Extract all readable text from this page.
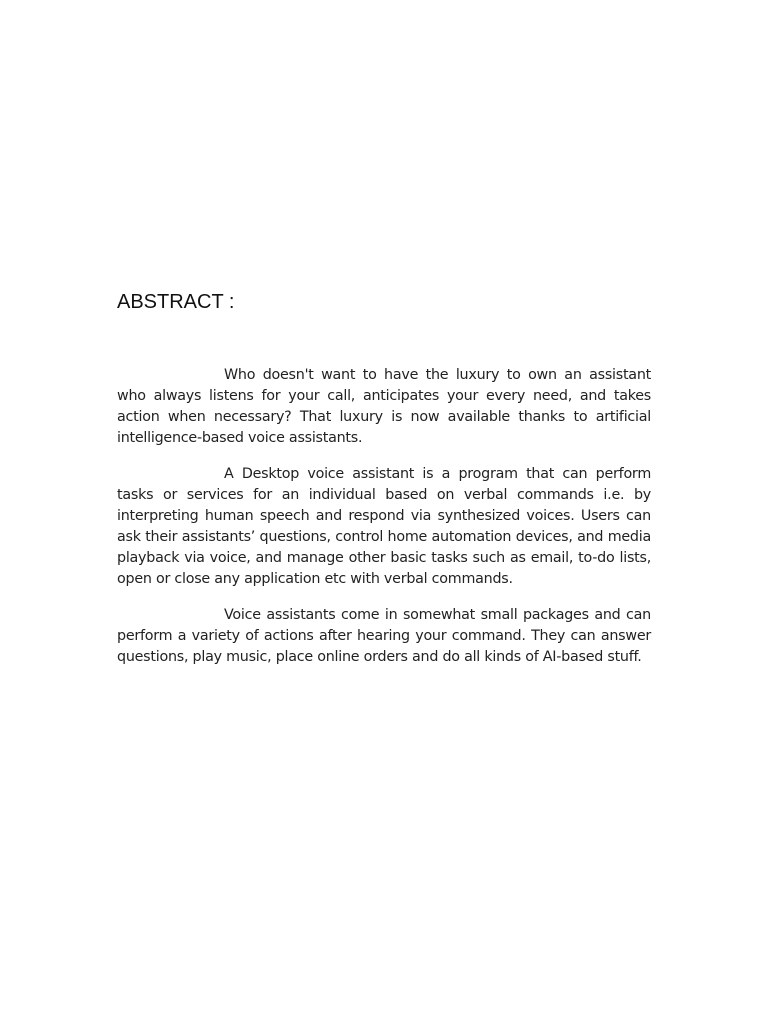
ABSTRACT :

Who doesn't want to have the luxury to own an assistant who always listens for your call, anticipates your every need, and takes action when necessary? That luxury is now available thanks to artificial intelligence-based voice assistants.

A Desktop voice assistant is a program that can perform tasks or services for an individual based on verbal commands i.e. by interpreting human speech and respond via synthesized voices. Users can ask their assistants’ questions, control home automation devices, and media playback via voice, and manage other basic tasks such as email, to-do lists, open or close any application etc with verbal commands.

Voice assistants come in somewhat small packages and can perform a variety of actions after hearing your command. They can answer questions, play music, place online orders and do all kinds of AI-based stuff.
